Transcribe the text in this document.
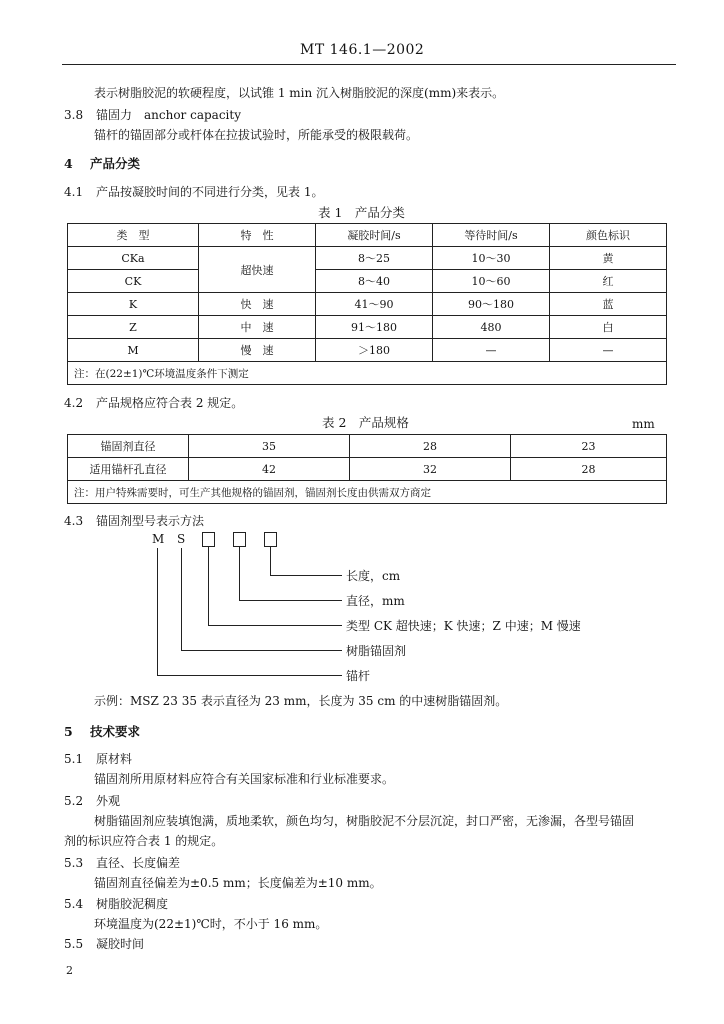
MT 146.1—2002
表示树脂胶泥的软硬程度，以试锥 1 min 沉入树脂胶泥的深度(mm)来表示。
3.8 锚固力　anchor capacity
锚杆的锚固部分或杆体在拉拔试验时，所能承受的极限载荷。
4 产品分类
4.1 产品按凝胶时间的不同进行分类，见表 1。
表 1　产品分类
类　型	特　性	凝胶时间/s	等待时间/s	颜色标识
CKa	超快速	8～25	10～30	黄
CK		8～40	10～60	红
K	快　速	41～90	90～180	蓝
Z	中　速	91～180	480	白
M	慢　速	＞180	—	—
注：在(22±1)℃环境温度条件下测定				
4.2 产品规格应符合表 2 规定。
表 2　产品规格	mm
锚固剂直径	35	28	23
适用锚杆孔直径	42	32	28
注：用户特殊需要时，可生产其他规格的锚固剂，锚固剂长度由供需双方商定			
4.3 锚固剂型号表示方法
M S
长度，cm
直径，mm
类型 CK 超快速；K 快速；Z 中速；M 慢速
树脂锚固剂
锚杆
示例：MSZ 23 35 表示直径为 23 mm，长度为 35 cm 的中速树脂锚固剂。
5 技术要求
5.1 原材料
锚固剂所用原材料应符合有关国家标准和行业标准要求。
5.2 外观
树脂锚固剂应装填饱满，质地柔软，颜色均匀，树脂胶泥不分层沉淀，封口严密，无渗漏，各型号锚固
剂的标识应符合表 1 的规定。
5.3 直径、长度偏差
锚固剂直径偏差为±0.5 mm；长度偏差为±10 mm。
5.4 树脂胶泥稠度
环境温度为(22±1)℃时，不小于 16 mm。
5.5 凝胶时间
2
